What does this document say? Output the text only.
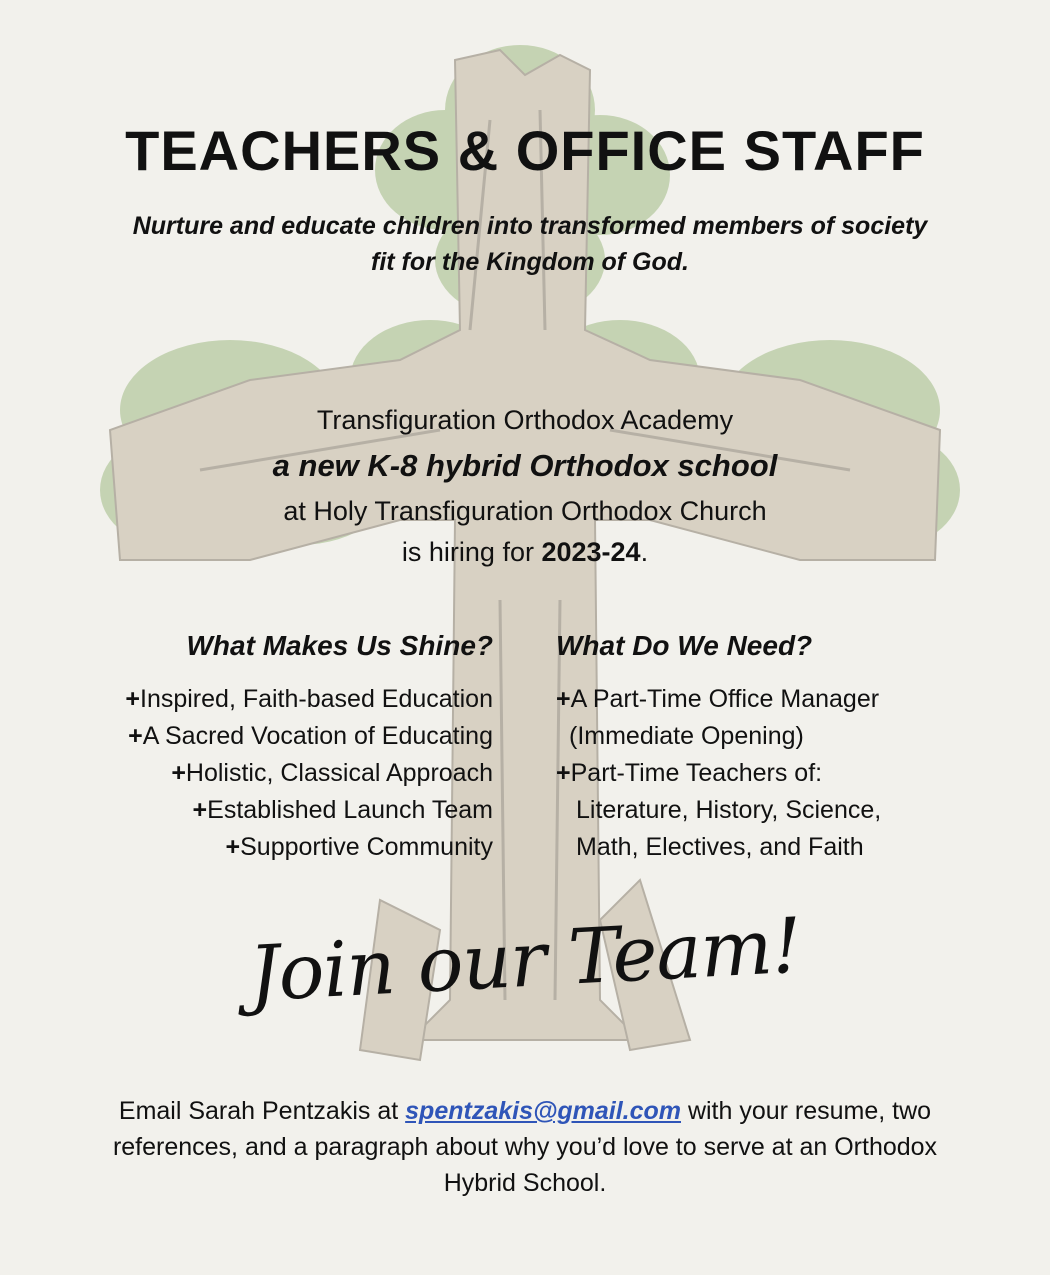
TEACHERS & OFFICE STAFF

Nurture and educate children into transformed members of society fit for the Kingdom of God.

Transfiguration Orthodox Academy
a new K-8 hybrid Orthodox school
at Holy Transfiguration Orthodox Church
is hiring for 2023-24.
What Makes Us Shine?
+Inspired, Faith-based Education
+A Sacred Vocation of Educating
+Holistic, Classical Approach
+Established Launch Team
+Supportive Community
What Do We Need?
+A Part-Time Office Manager
(Immediate Opening)
+Part-Time Teachers of:
Literature, History, Science,
Math, Electives, and Faith
Join our Team!

Email Sarah Pentzakis at spentzakis@gmail.com with your resume, two references, and a paragraph about why you’d love to serve at an Orthodox Hybrid School.
